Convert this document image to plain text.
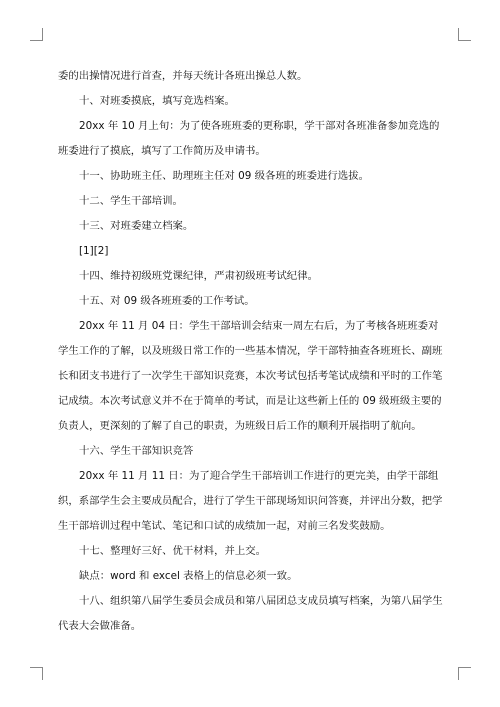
委的出操情况进行首查，并每天统计各班出操总人数。

十、对班委摸底，填写竞选档案。

20xx 年 10 月上旬：为了使各班班委的更称职，学干部对各班准备参加竞选的班委进行了摸底，填写了工作简历及申请书。

十一、协助班主任、助理班主任对 09 级各班的班委进行选拔。

十二、学生干部培训。

十三、对班委建立档案。

[1][2]

十四、维持初级班党课纪律，严肃初级班考试纪律。

十五、对 09 级各班班委的工作考试。

20xx 年 11 月 04 日：学生干部培训会结束一周左右后，为了考核各班班委对学生工作的了解，以及班级日常工作的一些基本情况，学干部特抽查各班班长、副班长和团支书进行了一次学生干部知识竞赛，本次考试包括考笔试成绩和平时的工作笔记成绩。本次考试意义并不在于简单的考试，而是让这些新上任的 09 级班级主要的负责人，更深刻的了解了自己的职责，为班级日后工作的顺利开展指明了航向。

十六、学生干部知识竞答

20xx 年 11 月 11 日：为了迎合学生干部培训工作进行的更完美，由学干部组织，系部学生会主要成员配合，进行了学生干部现场知识问答赛，并评出分数，把学生干部培训过程中笔试、笔记和口试的成绩加一起，对前三名发奖鼓励。

十七、整理好三好、优干材料，并上交。

缺点：word 和 excel 表格上的信息必须一致。

十八、组织第八届学生委员会成员和第八届团总支成员填写档案，为第八届学生代表大会做准备。
